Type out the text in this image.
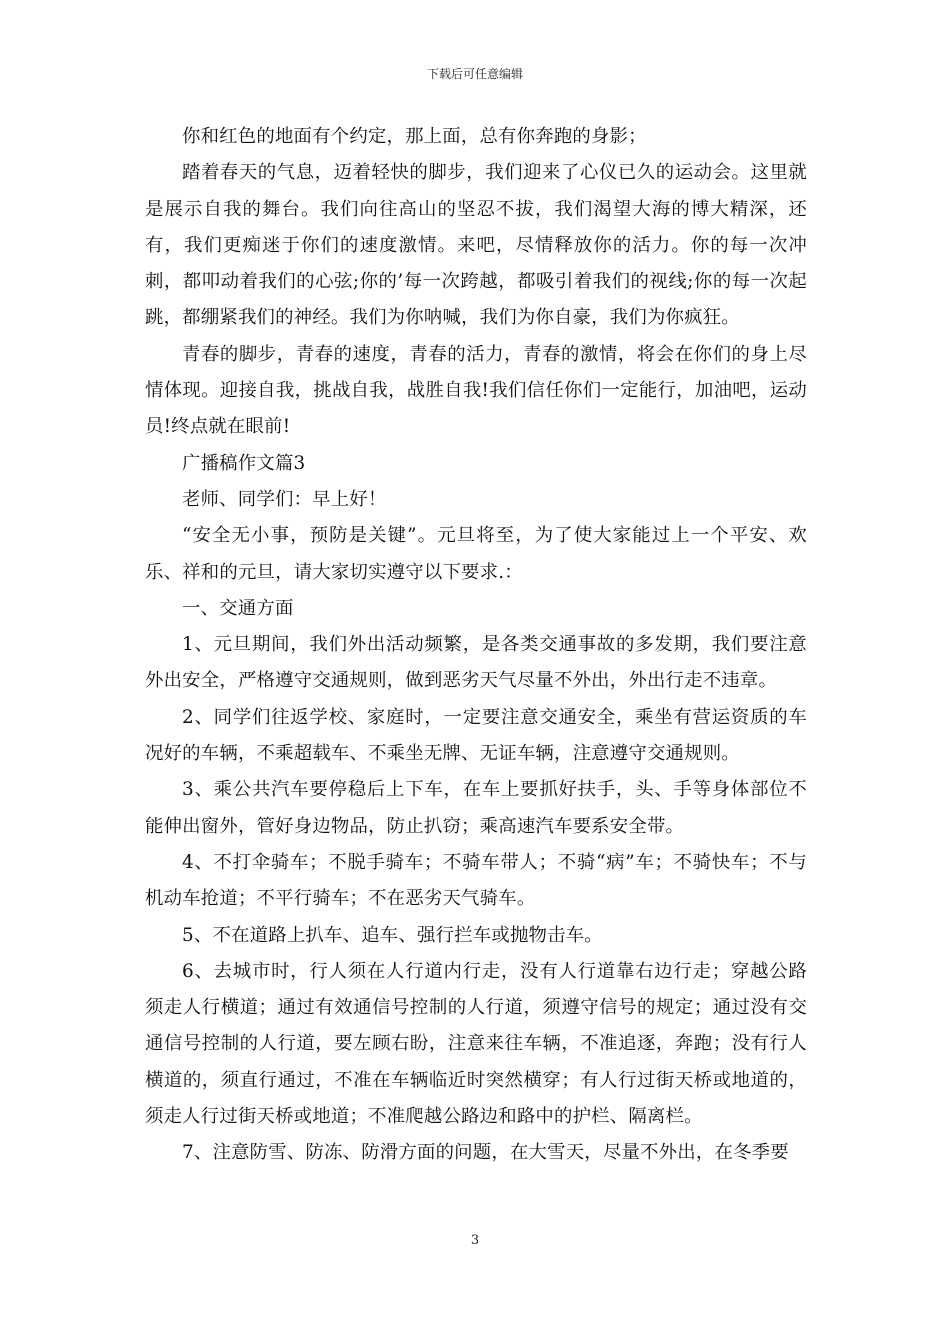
下载后可任意编辑

你和红色的地面有个约定，那上面，总有你奔跑的身影；

踏着春天的气息，迈着轻快的脚步，我们迎来了心仪已久的运动会。这里就是展示自我的舞台。我们向往高山的坚忍不拔，我们渴望大海的博大精深，还有，我们更痴迷于你们的速度激情。来吧，尽情释放你的活力。你的每一次冲刺，都叩动着我们的心弦;你的’每一次跨越，都吸引着我们的视线;你的每一次起跳，都绷紧我们的神经。我们为你呐喊，我们为你自豪，我们为你疯狂。

青春的脚步，青春的速度，青春的活力，青春的激情，将会在你们的身上尽情体现。迎接自我，挑战自我，战胜自我!我们信任你们一定能行，加油吧，运动员!终点就在眼前!

广播稿作文篇3

老师、同学们：早上好！

“安全无小事，预防是关键”。元旦将至，为了使大家能过上一个平安、欢乐、祥和的元旦，请大家切实遵守以下要求.：

一、交通方面

1、元旦期间，我们外出活动频繁，是各类交通事故的多发期，我们要注意外出安全，严格遵守交通规则，做到恶劣天气尽量不外出，外出行走不违章。

2、同学们往返学校、家庭时，一定要注意交通安全，乘坐有营运资质的车况好的车辆，不乘超载车、不乘坐无牌、无证车辆，注意遵守交通规则。

3、乘公共汽车要停稳后上下车，在车上要抓好扶手，头、手等身体部位不能伸出窗外，管好身边物品，防止扒窃；乘高速汽车要系安全带。

4、不打伞骑车；不脱手骑车；不骑车带人；不骑“病”车；不骑快车；不与机动车抢道；不平行骑车；不在恶劣天气骑车。

5、不在道路上扒车、追车、强行拦车或抛物击车。

6、去城市时，行人须在人行道内行走，没有人行道靠右边行走；穿越公路须走人行横道；通过有效通信号控制的人行道，须遵守信号的规定；通过没有交通信号控制的人行道，要左顾右盼，注意来往车辆，不准追逐，奔跑；没有行人横道的，须直行通过，不准在车辆临近时突然横穿；有人行过街天桥或地道的，须走人行过街天桥或地道；不准爬越公路边和路中的护栏、隔离栏。

7、注意防雪、防冻、防滑方面的问题，在大雪天，尽量不外出，在冬季要

3
